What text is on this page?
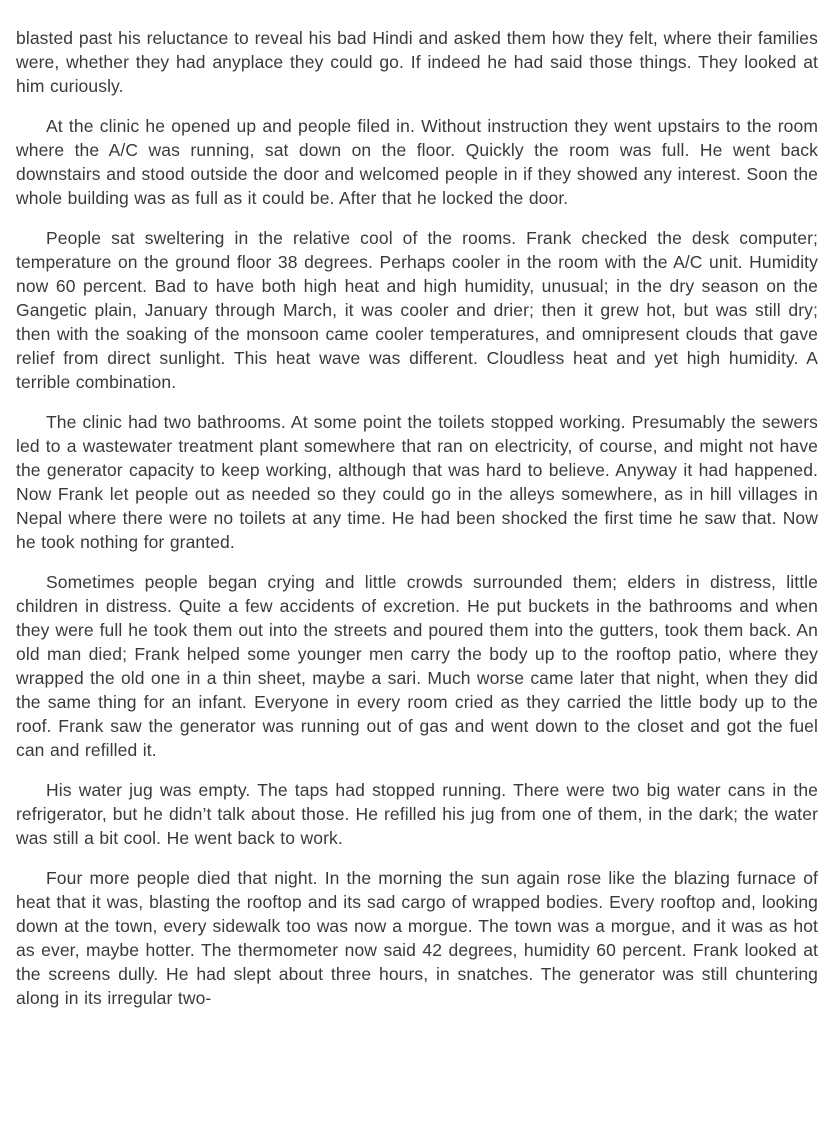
blasted past his reluctance to reveal his bad Hindi and asked them how they felt, where their families were, whether they had anyplace they could go. If indeed he had said those things. They looked at him curiously.

At the clinic he opened up and people filed in. Without instruction they went upstairs to the room where the A/C was running, sat down on the floor. Quickly the room was full. He went back downstairs and stood outside the door and welcomed people in if they showed any interest. Soon the whole building was as full as it could be. After that he locked the door.

People sat sweltering in the relative cool of the rooms. Frank checked the desk computer; temperature on the ground floor 38 degrees. Perhaps cooler in the room with the A/C unit. Humidity now 60 percent. Bad to have both high heat and high humidity, unusual; in the dry season on the Gangetic plain, January through March, it was cooler and drier; then it grew hot, but was still dry; then with the soaking of the monsoon came cooler temperatures, and omnipresent clouds that gave relief from direct sunlight. This heat wave was different. Cloudless heat and yet high humidity. A terrible combination.

The clinic had two bathrooms. At some point the toilets stopped working. Presumably the sewers led to a wastewater treatment plant somewhere that ran on electricity, of course, and might not have the generator capacity to keep working, although that was hard to believe. Anyway it had happened. Now Frank let people out as needed so they could go in the alleys somewhere, as in hill villages in Nepal where there were no toilets at any time. He had been shocked the first time he saw that. Now he took nothing for granted.

Sometimes people began crying and little crowds surrounded them; elders in distress, little children in distress. Quite a few accidents of excretion. He put buckets in the bathrooms and when they were full he took them out into the streets and poured them into the gutters, took them back. An old man died; Frank helped some younger men carry the body up to the rooftop patio, where they wrapped the old one in a thin sheet, maybe a sari. Much worse came later that night, when they did the same thing for an infant. Everyone in every room cried as they carried the little body up to the roof. Frank saw the generator was running out of gas and went down to the closet and got the fuel can and refilled it.

His water jug was empty. The taps had stopped running. There were two big water cans in the refrigerator, but he didn’t talk about those. He refilled his jug from one of them, in the dark; the water was still a bit cool. He went back to work.

Four more people died that night. In the morning the sun again rose like the blazing furnace of heat that it was, blasting the rooftop and its sad cargo of wrapped bodies. Every rooftop and, looking down at the town, every sidewalk too was now a morgue. The town was a morgue, and it was as hot as ever, maybe hotter. The thermometer now said 42 degrees, humidity 60 percent. Frank looked at the screens dully. He had slept about three hours, in snatches. The generator was still chuntering along in its irregular two-
